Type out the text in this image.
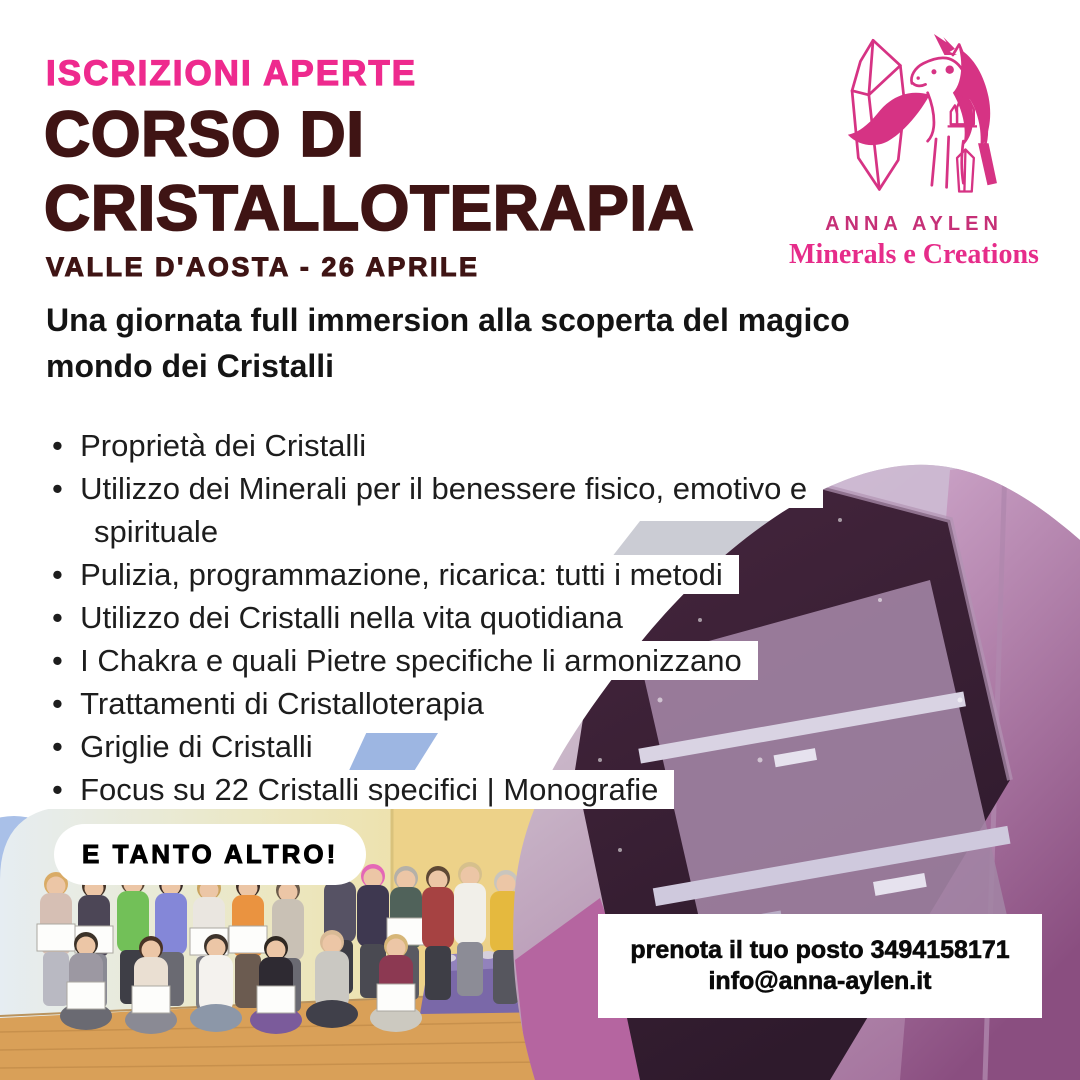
ISCRIZIONI APERTE
CORSO DI
CRISTALLOTERAPIA
VALLE D'AOSTA - 26 APRILE
Una giornata full immersion alla scoperta del magico mondo dei Cristalli
ANNA AYLEN
Minerals e Creations
•  Proprietà dei Cristalli
•  Utilizzo dei Minerali per il benessere fisico, emotivo e spirituale
•  Pulizia, programmazione, ricarica: tutti i metodi
•  Utilizzo dei Cristalli nella vita quotidiana
•  I Chakra e quali Pietre specifiche li armonizzano
•  Trattamenti di Cristalloterapia
•  Griglie di Cristalli
•  Focus su 22 Cristalli specifici | Monografie
E TANTO ALTRO!
prenota il tuo posto 3494158171
info@anna-aylen.it
